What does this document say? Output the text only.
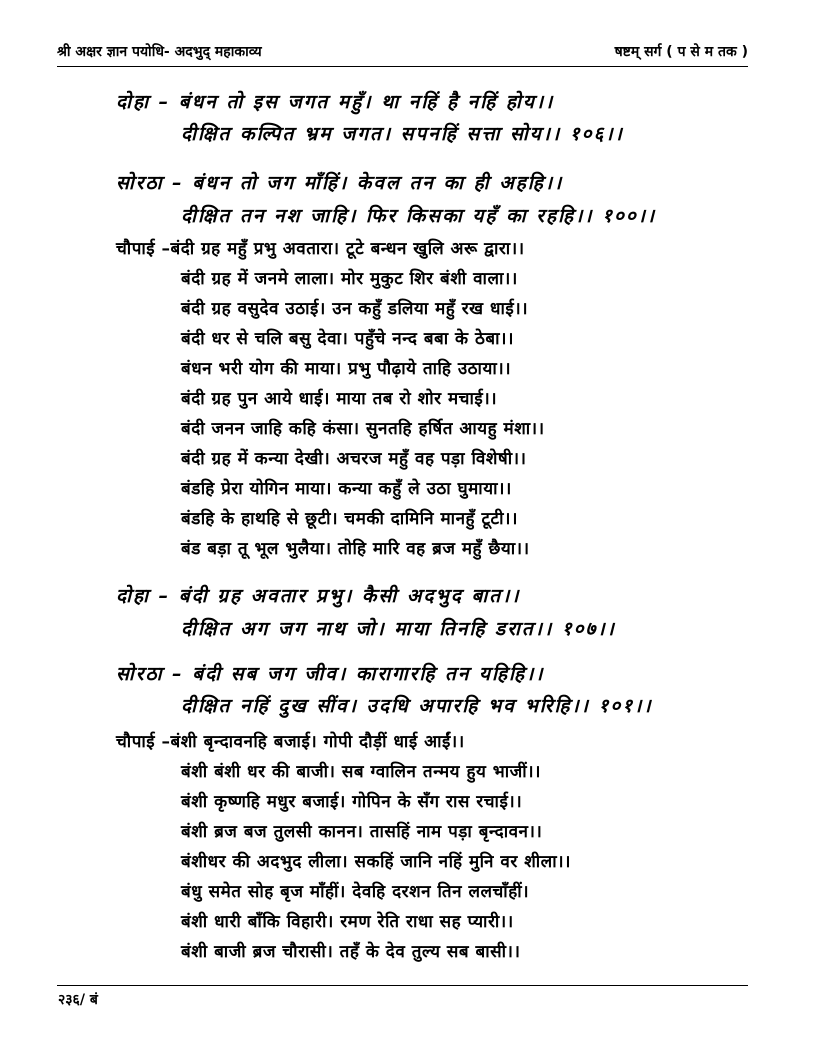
श्री अक्षर ज्ञान पयोधि- अदभुद् महाकाव्य	षष्टम् सर्ग ( प से म तक )
दोहा – बंधन तो इस जगत महुँ। था नहिं है नहिं होय।।
दीक्षित कल्पित भ्रम जगत। सपनहिं सत्ता सोय।। १०६।।
सोरठा – बंधन तो जग माँहिं। केवल तन का ही अहहि।।
दीक्षित तन नश जाहि। फिर किसका यहँ का रहहि।। १००।।
चौपाई –बंदी ग्रह महुँ प्रभु अवतारा। टूटे बन्धन खुलि अरू द्वारा।।
बंदी ग्रह में जनमे लाला। मोर मुकुट शिर बंशी वाला।।
बंदी ग्रह वसुदेव उठाई। उन कहुँ डलिया महुँ रख धाई।।
बंदी धर से चलि बसु देवा। पहुँचे नन्द बबा के ठेबा।।
बंधन भरी योग की माया। प्रभु पौढ़ाये ताहि उठाया।।
बंदी ग्रह पुन आये धाई। माया तब रो शोर मचाई।।
बंदी जनन जाहि कहि कंसा। सुनतहि हर्षित आयहु मंशा।।
बंदी ग्रह में कन्या देखी। अचरज महुँ वह पड़ा विशेषी।।
बंडहि प्रेरा योगिन माया। कन्या कहुँ ले उठा घुमाया।।
बंडहि के हाथहि से छूटी। चमकी दामिनि मानहुँ टूटी।।
बंड बड़ा तू भूल भुलैया। तोहि मारि वह ब्रज महुँ छैया।।
दोहा – बंदी ग्रह अवतार प्रभु। कैसी अदभुद बात।।
दीक्षित अग जग नाथ जो। माया तिनहि डरात।। १०७।।
सोरठा – बंदी सब जग जीव। कारागारहि तन यहिहि।।
दीक्षित नहिं दुख सींव। उदधि अपारहि भव भरिहि।। १०१।।
चौपाई –बंशी बृन्दावनहि बजाई। गोपी दौड़ीं धाई आईं।।
बंशी बंशी धर की बाजी। सब ग्वालिन तन्मय हुय भाजीं।।
बंशी कृष्णहि मधुर बजाई। गोपिन के सँग रास रचाई।।
बंशी ब्रज बज तुलसी कानन। तासहिं नाम पड़ा बृन्दावन।।
बंशीधर की अदभुद लीला। सकहिं जानि नहिं मुनि वर शीला।।
बंधु समेत सोह बृज माँहीं। देवहि दरशन तिन ललचाँहीं।
बंशी धारी बाँकि विहारी। रमण रेति राधा सह प्यारी।।
बंशी बाजी ब्रज चौरासी। तहँ के देव तुल्य सब बासी।।
२३६/ बं
